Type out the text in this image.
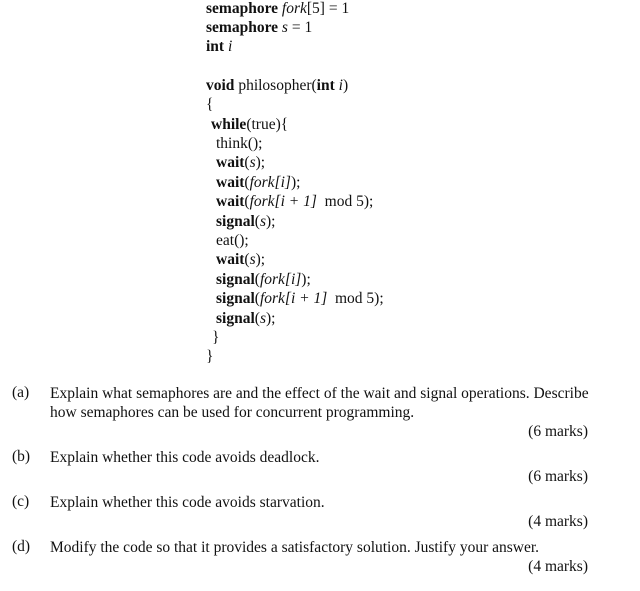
semaphore fork[5] = 1
semaphore s = 1
int i
void philosopher(int i)
{
while(true){
think();
wait(s);
wait(fork[i]);
wait(fork[i + 1]  mod 5);
signal(s);
eat();
wait(s);
signal(fork[i]);
signal(fork[i + 1]  mod 5);
signal(s);
}
}
(a) Explain what semaphores are and the effect of the wait and signal operations. Describe how semaphores can be used for concurrent programming.
(6 marks)
(b) Explain whether this code avoids deadlock.
(6 marks)
(c) Explain whether this code avoids starvation.
(4 marks)
(d) Modify the code so that it provides a satisfactory solution. Justify your answer.
(4 marks)
